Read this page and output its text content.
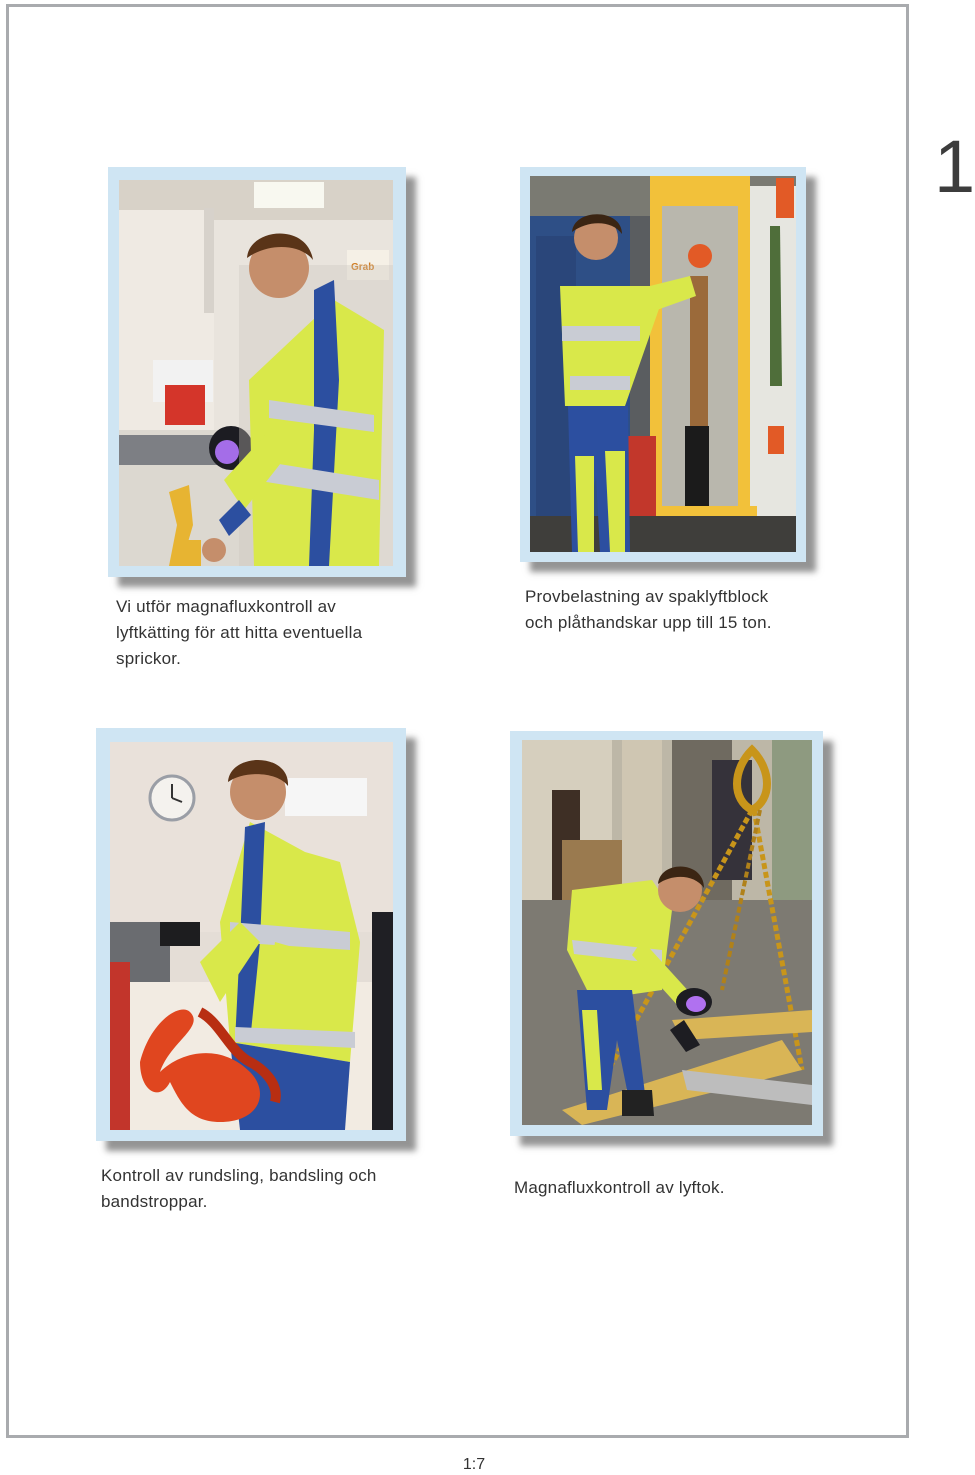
1
Grab
Vi utför magnafluxkontroll av
lyftkätting för att hitta eventuella
sprickor.
Provbelastning av spaklyftblock
och plåthandskar upp till 15 ton.
Kontroll av rundsling, bandsling och
bandstroppar.
Magnafluxkontroll av lyftok.
1:7
